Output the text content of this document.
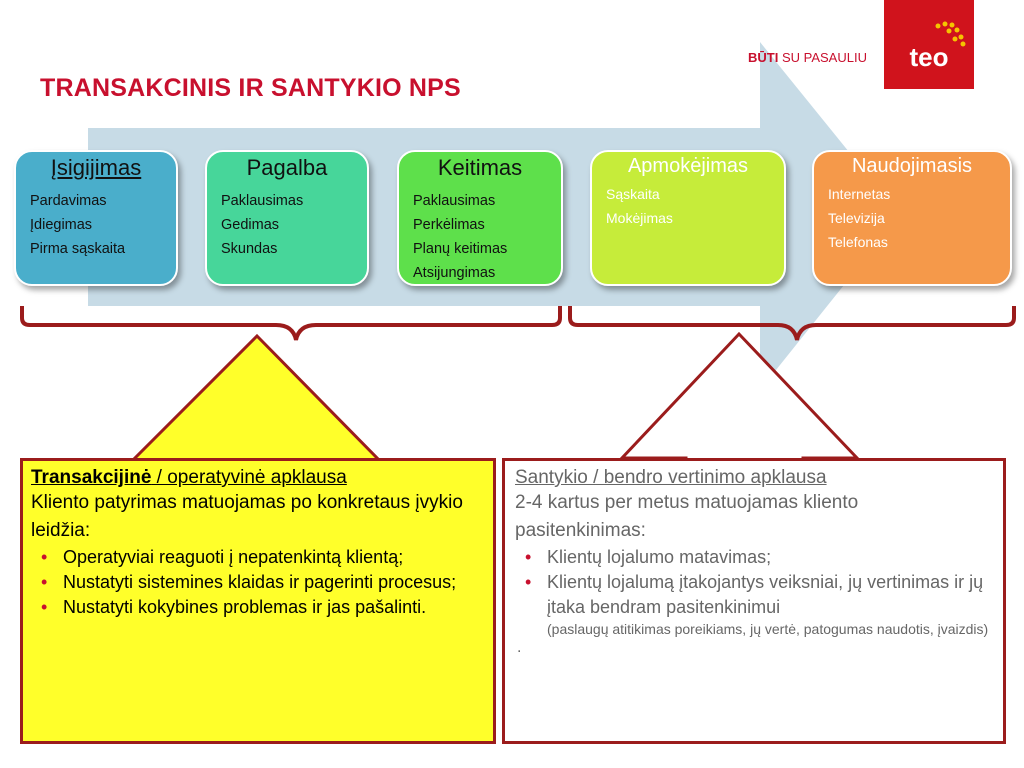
TRANSAKCINIS IR SANTYKIO NPS
BŪTI SU PASAULIU	teo
Įsigijimas
Pardavimas
Įdiegimas
Pirma sąskaita
Pagalba
Paklausimas
Gedimas
Skundas
Keitimas
Paklausimas
Perkėlimas
Planų keitimas
Atsijungimas
Apmokėjimas
Sąskaita
Mokėjimas
Naudojimasis
Internetas
Televizija
Telefonas
Transakcijinė / operatyvinė apklausa
Kliento patyrimas matuojamas po konkretaus įvykio leidžia:
• Operatyviai reaguoti į nepatenkintą klientą;
• Nustatyti sistemines klaidas ir pagerinti procesus;
• Nustatyti kokybines problemas ir jas pašalinti.
Santykio / bendro vertinimo apklausa
2-4 kartus per metus matuojamas kliento pasitenkinimas:
• Klientų lojalumo matavimas;
• Klientų lojalumą įtakojantys veiksniai, jų vertinimas ir jų įtaka bendram pasitenkinimui
(paslaugų atitikimas poreikiams, jų vertė, patogumas naudotis, įvaizdis)
.
